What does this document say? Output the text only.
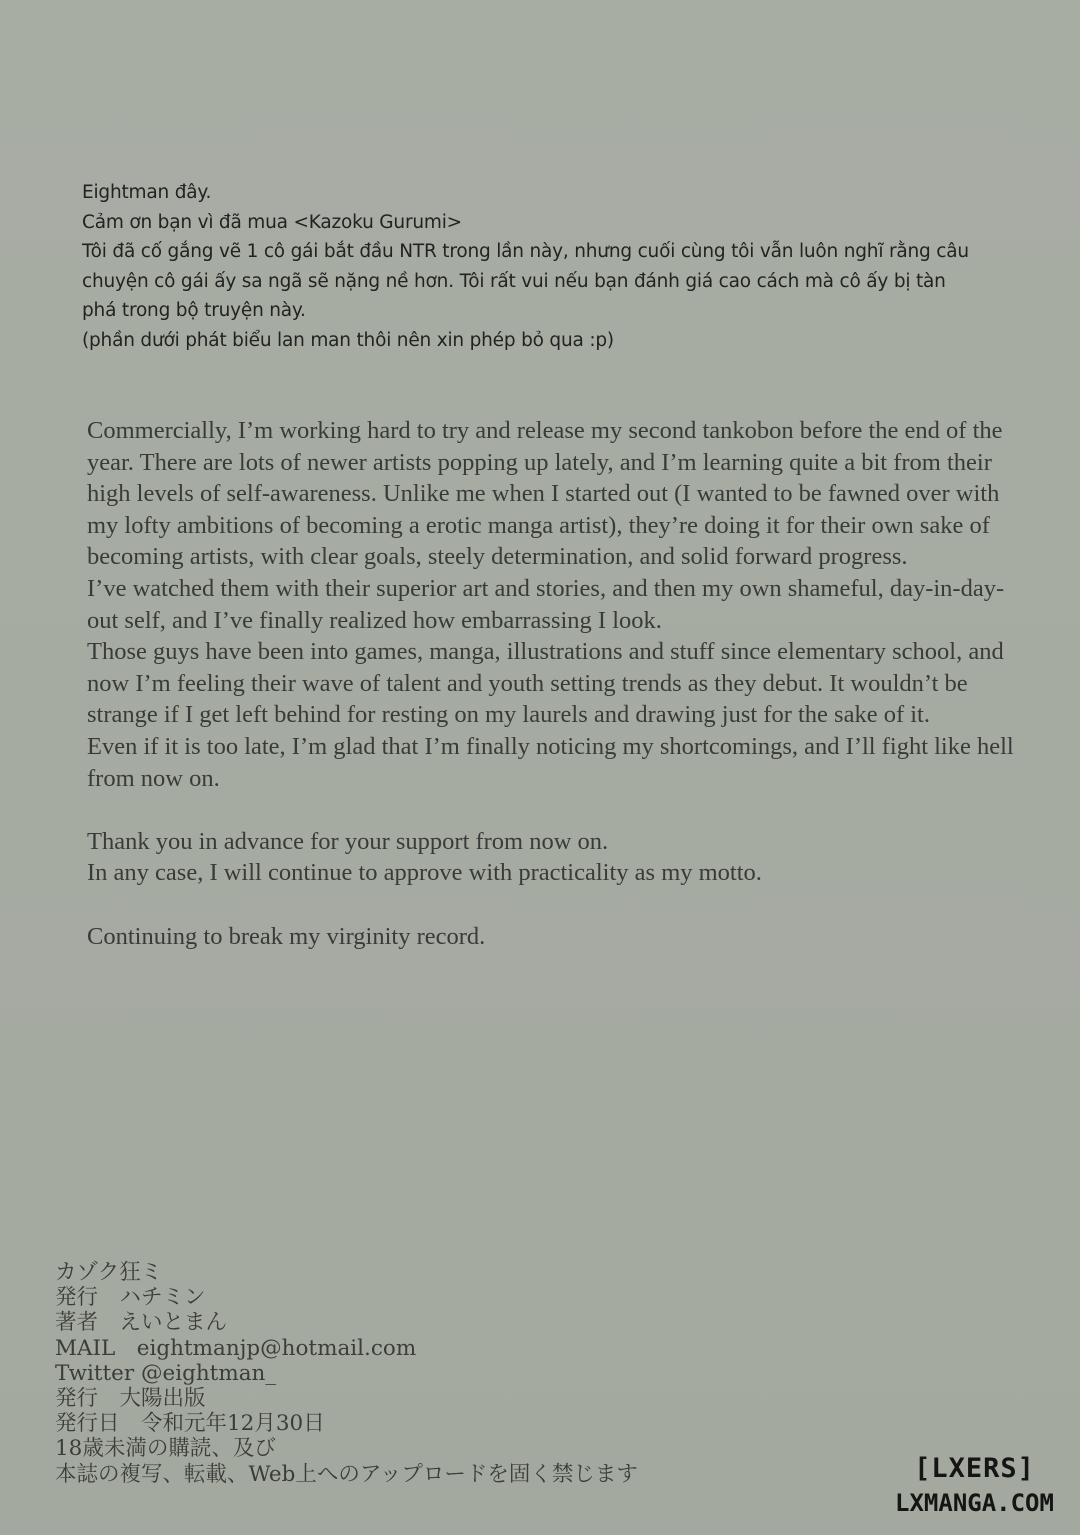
Eightman đây.

Cảm ơn bạn vì đã mua <Kazoku Gurumi>

Tôi đã cố gắng vẽ 1 cô gái bắt đầu NTR trong lần này, nhưng cuối cùng tôi vẫn luôn nghĩ rằng câu

chuyện cô gái ấy sa ngã sẽ nặng nề hơn. Tôi rất vui nếu bạn đánh giá cao cách mà cô ấy bị tàn

phá trong bộ truyện này.

(phần dưới phát biểu lan man thôi nên xin phép bỏ qua :p)

Commercially, I’m working hard to try and release my second tankobon before the end of the year. There are lots of newer artists popping up lately, and I’m learning quite a bit from their high levels of self-awareness. Unlike me when I started out (I wanted to be fawned over with my lofty ambitions of becoming a erotic manga artist), they’re doing it for their own sake of becoming artists, with clear goals, steely determination, and solid forward progress.

I’ve watched them with their superior art and stories, and then my own shameful, day-in-day-out self, and I’ve finally realized how embarrassing I look.

Those guys have been into games, manga, illustrations and stuff since elementary school, and now I’m feeling their wave of talent and youth setting trends as they debut. It wouldn’t be strange if I get left behind for resting on my laurels and drawing just for the sake of it.

Even if it is too late, I’m glad that I’m finally noticing my shortcomings, and I’ll fight like hell from now on.

Thank you in advance for your support from now on.

In any case, I will continue to approve with practicality as my motto.

Continuing to break my virginity record.

カゾク狂ミ

発行　ハチミン

著者　えいとまん

MAIL　eightmanjp@hotmail.com

Twitter @eightman_

発行　大陽出版

発行日　令和元年12月30日

18歳未満の購読、及び

本誌の複写、転載、Web上へのアップロードを固く禁じます	[LXERS]
LXMANGA.COM
